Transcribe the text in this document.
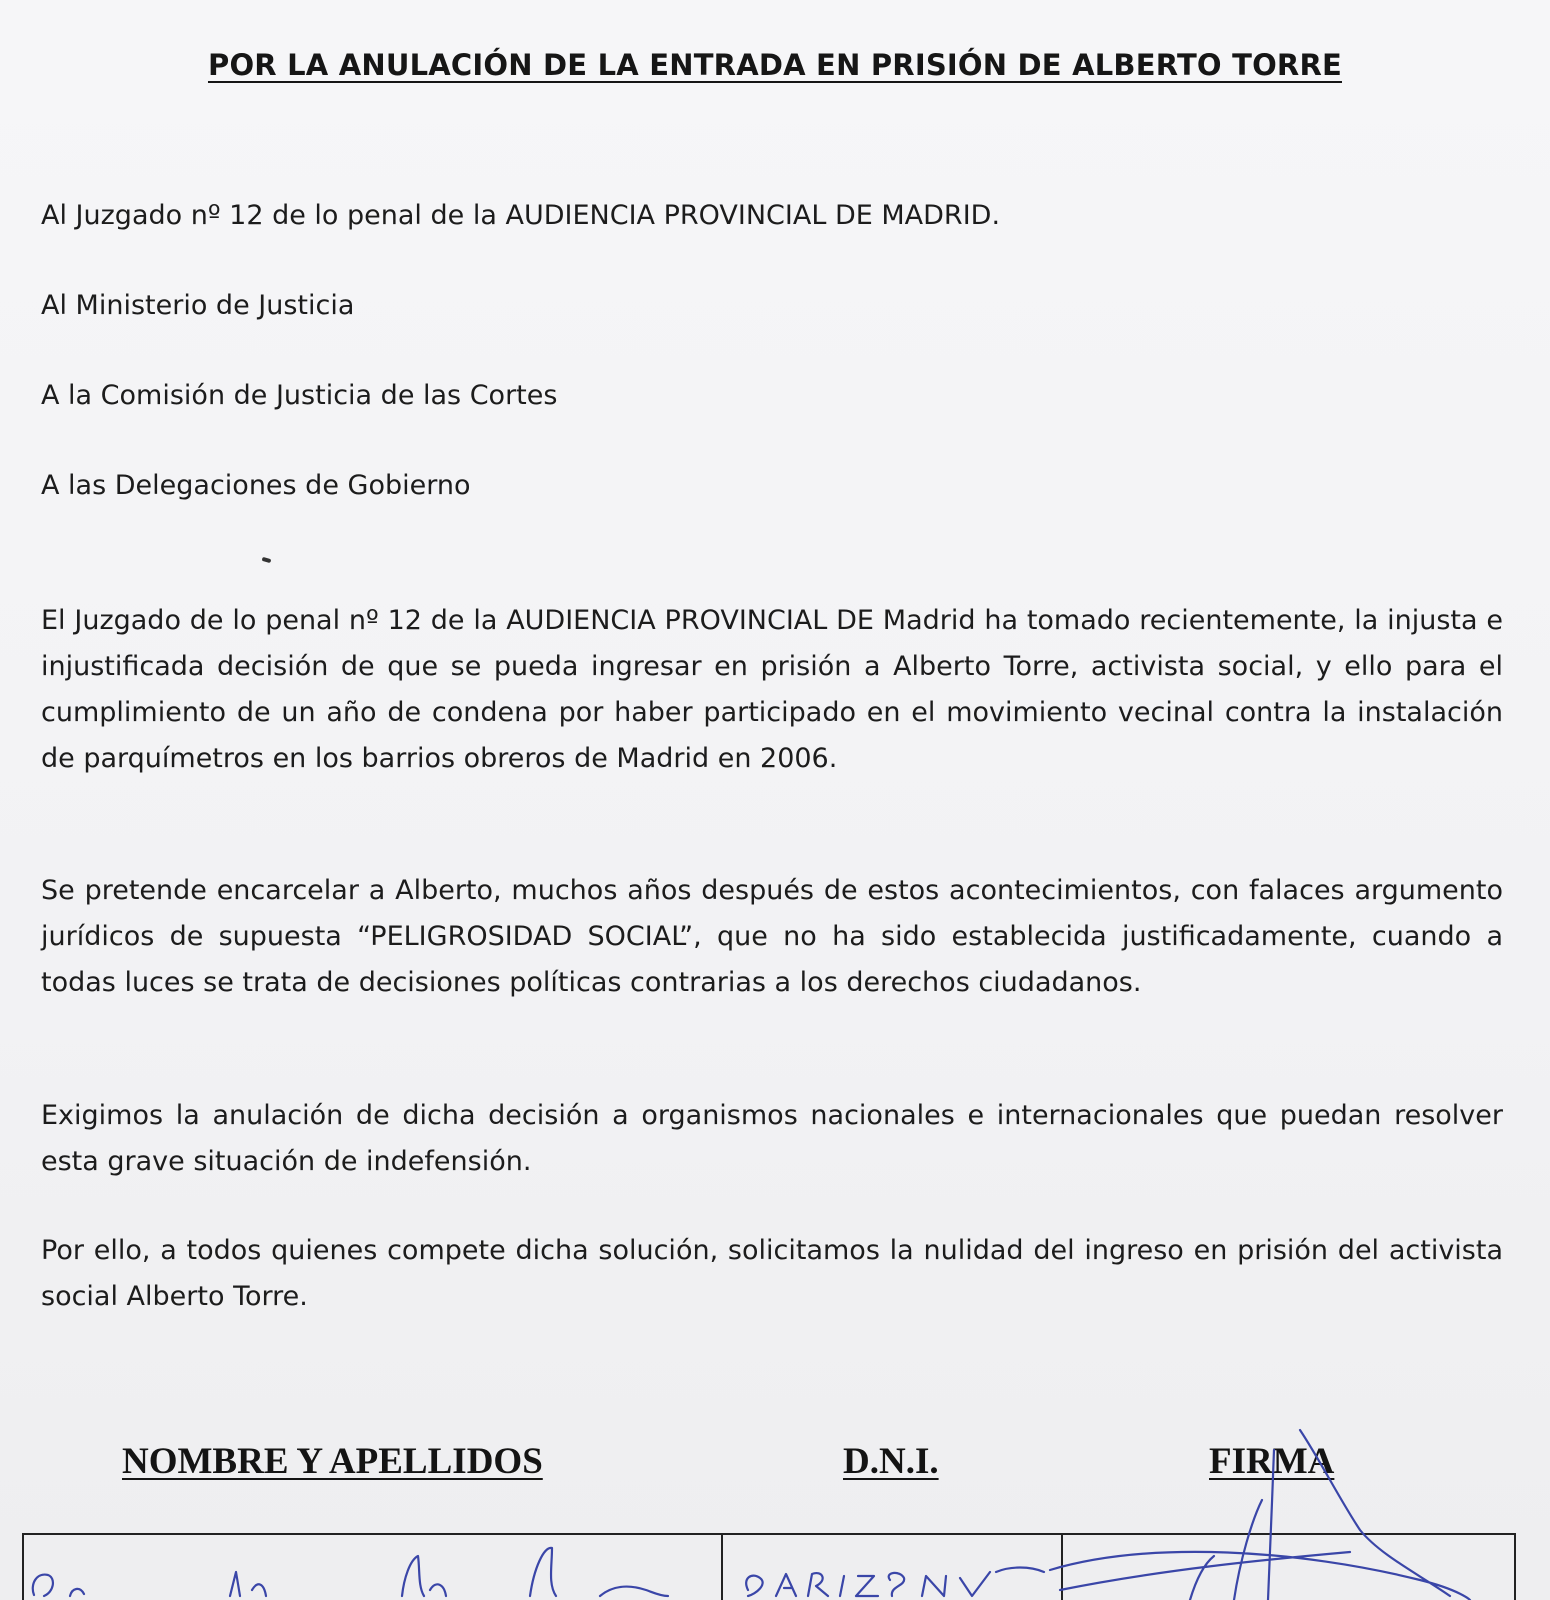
POR LA ANULACIÓN DE LA ENTRADA EN PRISIÓN DE ALBERTO TORRE

Al Juzgado nº 12 de lo penal de la AUDIENCIA PROVINCIAL DE MADRID.

Al Ministerio de Justicia

A la Comisión de Justicia de las Cortes

A las Delegaciones de Gobierno

El Juzgado de lo penal nº 12 de la AUDIENCIA PROVINCIAL DE Madrid ha tomado recientemente, la injusta e injustificada decisión de que se pueda ingresar en prisión a Alberto Torre, activista social, y ello para el cumplimiento de un año de condena por haber participado en el movimiento vecinal contra la instalación de parquímetros en los barrios obreros de Madrid en 2006.

Se pretende encarcelar a Alberto, muchos años después de estos acontecimientos, con falaces argumento jurídicos de supuesta “PELIGROSIDAD SOCIAL”, que no ha sido establecida justificadamente, cuando a todas luces se trata de decisiones políticas contrarias a los derechos ciudadanos.

Exigimos la anulación de dicha decisión a organismos nacionales e internacionales que puedan resolver esta grave situación de indefensión.

Por ello, a todos quienes compete dicha solución, solicitamos la nulidad del ingreso en prisión del activista social Alberto Torre.

NOMBRE Y APELLIDOS	D.N.I.	FIRMA
